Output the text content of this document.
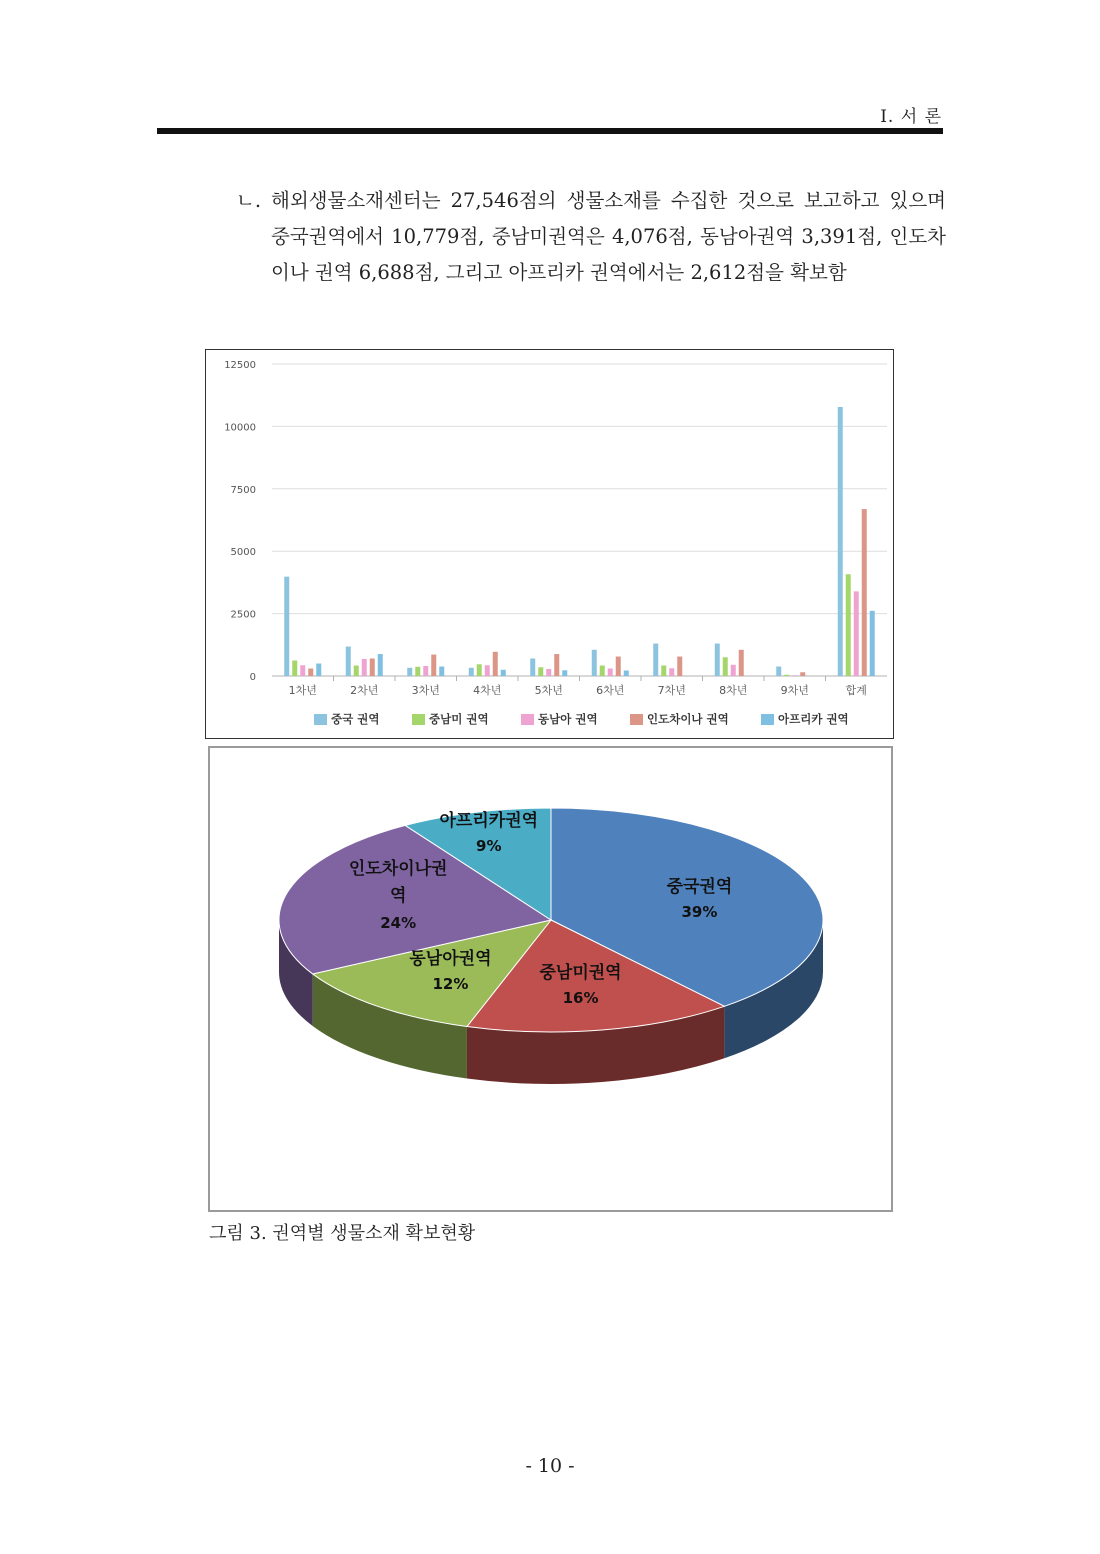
I. 서 론
ㄴ. 해외생물소재센터는 27,546점의 생물소재를 수집한 것으로 보고하고 있으며 중국권역에서 10,779점, 중남미권역은 4,076점, 동남아권역 3,391점, 인도차이나 권역 6,688점, 그리고 아프리카 권역에서는 2,612점을 확보함
12500
10000
7500
5000
2500
0
1차년	2차년	3차년	4차년	5차년	6차년	7차년	8차년	9차년	합계
중국 권역	중남미 권역	동남아 권역	인도차이나 권역	아프리카 권역
중국권역
39%
중남미권역
16%
동남아권역
12%
인도차이나권
역
24%
아프리카권역
9%
그림 3. 권역별 생물소재 확보현황
- 10 -
